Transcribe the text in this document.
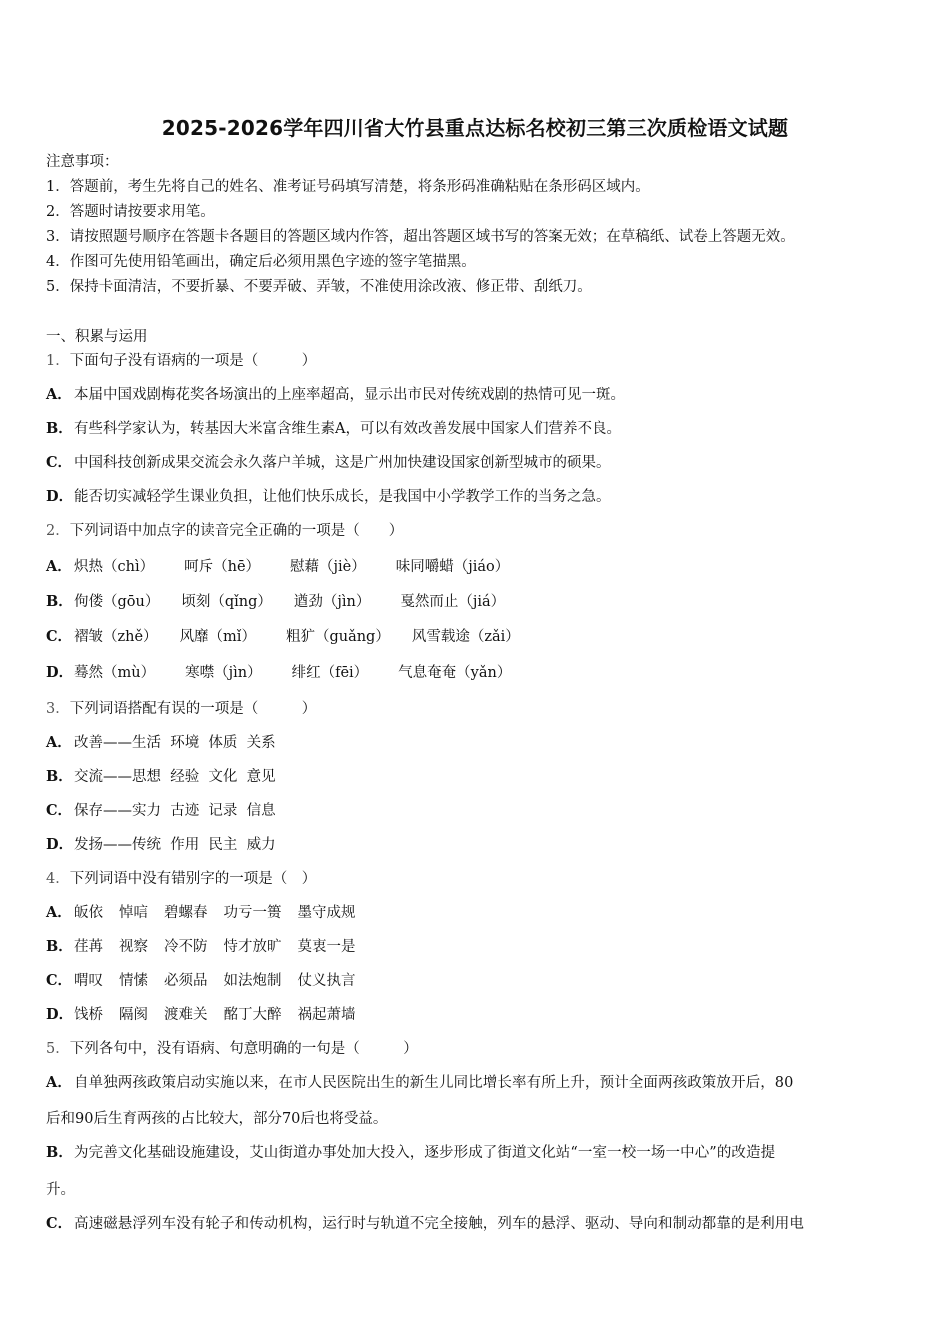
2025-2026学年四川省大竹县重点达标名校初三第三次质检语文试题
注意事项：
1．答题前，考生先将自己的姓名、准考证号码填写清楚，将条形码准确粘贴在条形码区域内。
2．答题时请按要求用笔。
3．请按照题号顺序在答题卡各题目的答题区域内作答，超出答题区域书写的答案无效；在草稿纸、试卷上答题无效。
4．作图可先使用铅笔画出，确定后必须用黑色字迹的签字笔描黑。
5．保持卡面清洁，不要折暴、不要弄破、弄皱，不准使用涂改液、修正带、刮纸刀。
一、积累与运用
1．下面句子没有语病的一项是（　　　）
A． 本届中国戏剧梅花奖各场演出的上座率超高，显示出市民对传统戏剧的热情可见一斑。
B．有些科学家认为，转基因大米富含维生素A，可以有效改善发展中国家人们营养不良。
C． 中国科技创新成果交流会永久落户羊城，这是广州加快建设国家创新型城市的硕果。
D．能否切实减轻学生课业负担，让他们快乐成长，是我国中小学教学工作的当务之急。
2．下列词语中加点字的读音完全正确的一项是（　　）
A． 炽热（chì） 呵斥（hē） 慰藉（jiè） 味同嚼蜡（jiáo）
B．佝偻（gōu） 顷刻（qǐng） 遒劲（jìn） 戛然而止（jiá）
C． 褶皱（zhě） 风靡（mǐ） 粗犷（guǎng） 风雪载途（zǎi）
D．蓦然（mù） 寒噤（jìn） 绯红（fēi） 气息奄奄（yǎn）
3．下列词语搭配有误的一项是（　　　）
A． 改善——生活  环境  体质  关系
B．交流——思想  经验  文化  意见
C． 保存——实力  古迹  记录  信息
D．发扬——传统  作用  民主  威力
4．下列词语中没有错别字的一项是（　）
A． 皈依 悼唁 碧螺春 功亏一篑 墨守成规
B．荏苒 视察 冷不防 恃才放旷 莫衷一是
C． 喟叹 情愫 必须品 如法炮制 仗义执言
D．饯桥 隔阂 渡难关 酩丁大醉 祸起萧墙
5．下列各句中，没有语病、句意明确的一句是（　　　）
A． 自单独两孩政策启动实施以来，在市人民医院出生的新生儿同比增长率有所上升，预计全面两孩政策放开后，80
后和90后生育两孩的占比较大，部分70后也将受益。
B．为完善文化基础设施建设，艾山街道办事处加大投入，逐步形成了街道文化站“一室一校一场一中心”的改造提
升。
C． 高速磁悬浮列车没有轮子和传动机构，运行时与轨道不完全接触，列车的悬浮、驱动、导向和制动都靠的是利用电
